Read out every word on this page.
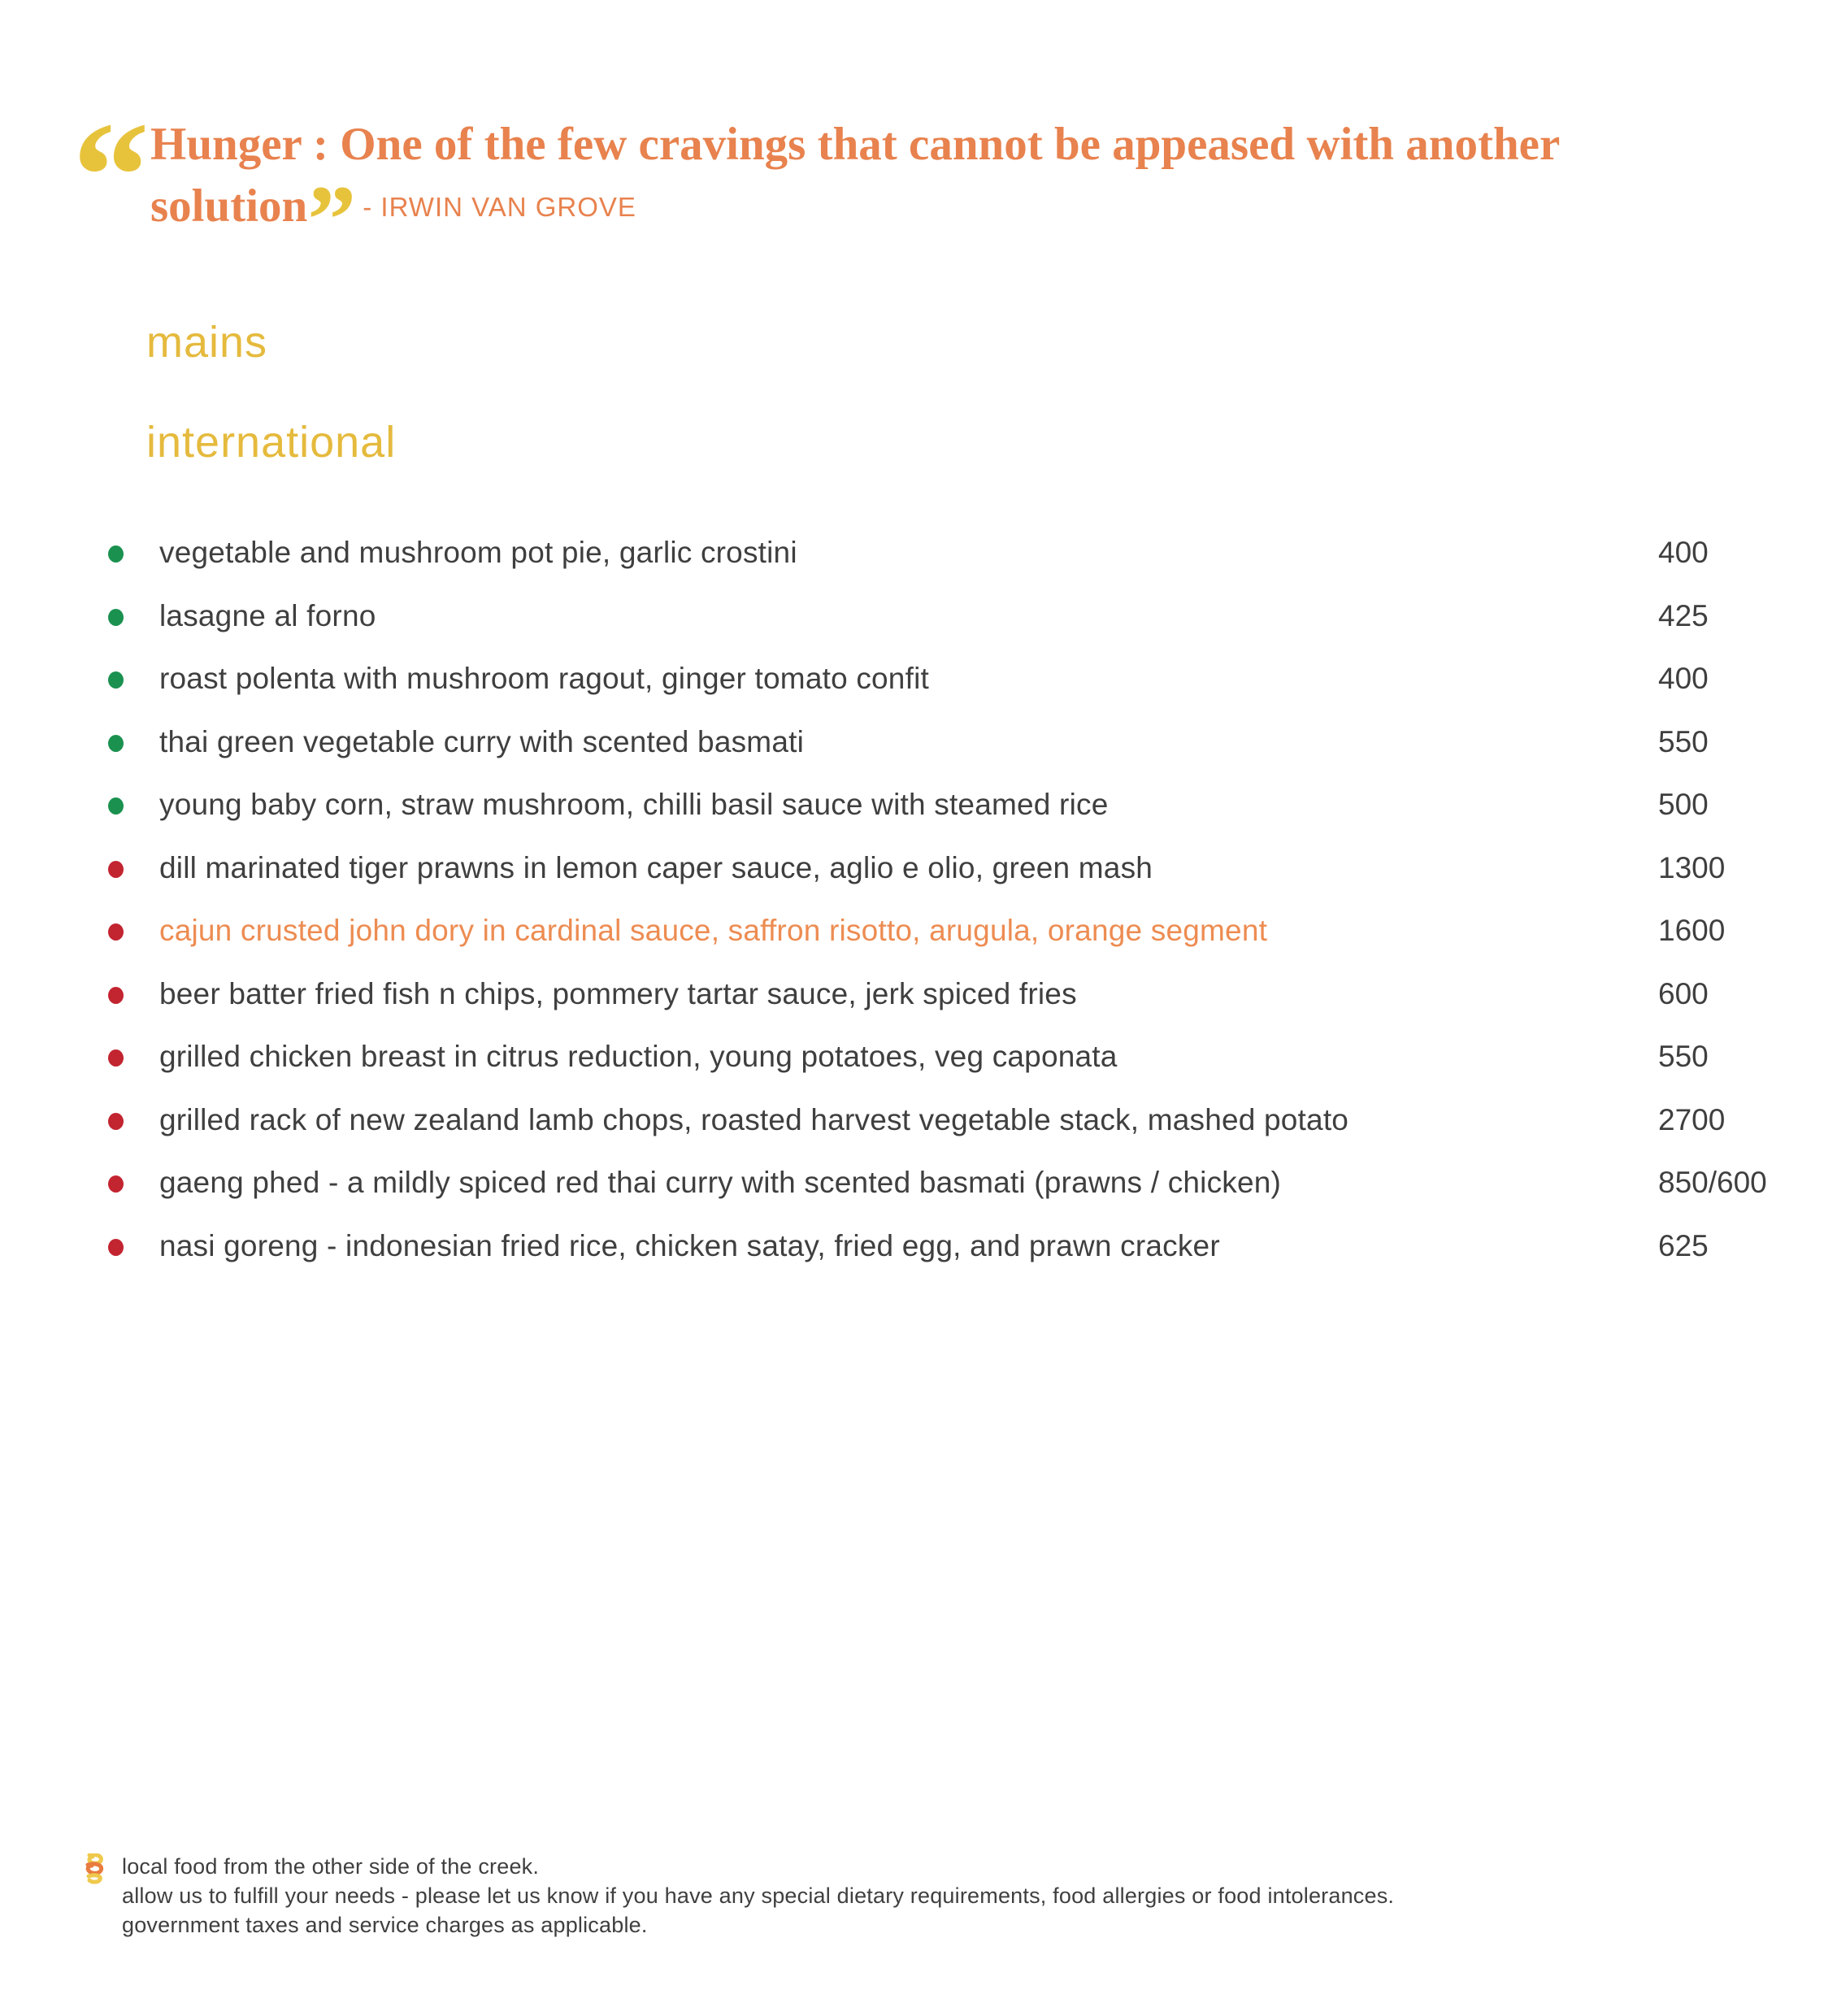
“ Hunger : One of the few cravings that cannot be appeased with another
solution” - IRWIN VAN GROVE
mains
international
vegetable and mushroom pot pie, garlic crostini	400
lasagne al forno	425
roast polenta with mushroom ragout, ginger tomato confit	400
thai green vegetable curry with scented basmati	550
young baby corn, straw mushroom, chilli basil sauce with steamed rice	500
dill marinated tiger prawns in lemon caper sauce, aglio e olio, green mash	1300
cajun crusted john dory in cardinal sauce, saffron risotto, arugula, orange segment	1600
beer batter fried fish n chips, pommery tartar sauce, jerk spiced fries	600
grilled chicken breast in citrus reduction, young potatoes, veg caponata	550
grilled rack of new zealand lamb chops, roasted harvest vegetable stack, mashed potato	2700
gaeng phed - a mildly spiced red thai curry with scented basmati (prawns / chicken)	850/600
nasi goreng - indonesian fried rice, chicken satay, fried egg, and prawn cracker	625
local food from the other side of the creek.
allow us to fulfill your needs - please let us know if you have any special dietary requirements, food allergies or food intolerances.
government taxes and service charges as applicable.
